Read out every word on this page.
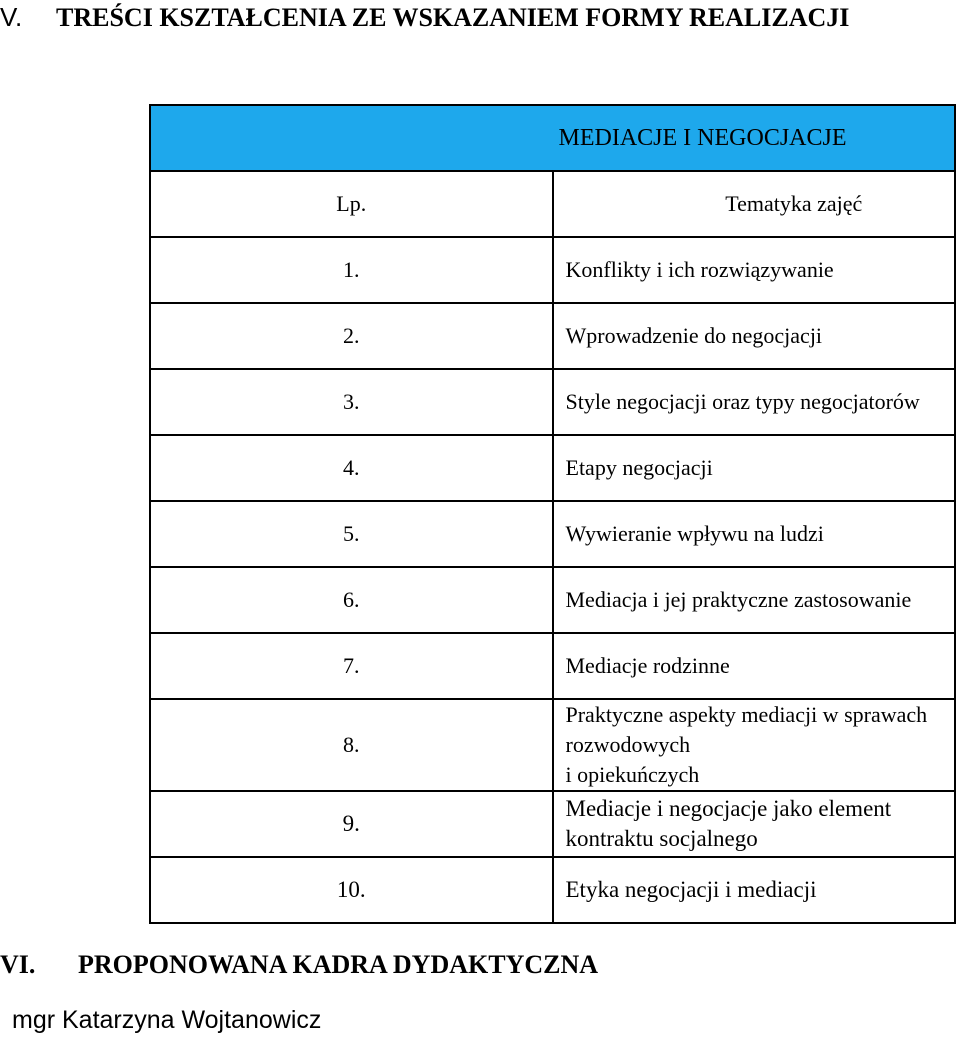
V. TREŚCI KSZTAŁCENIA ZE WSKAZANIEM FORMY REALIZACJI
MEDIACJE I NEGOCJACJE	
Lp.	Tematyka zajęć
1.	Konflikty i ich rozwiązywanie
2.	Wprowadzenie do negocjacji
3.	Style negocjacji oraz typy negocjatorów
4.	Etapy negocjacji
5.	Wywieranie wpływu na ludzi
6.	Mediacja i jej praktyczne zastosowanie
7.	Mediacje rodzinne
8.	Praktyczne aspekty mediacji w sprawach rozwodowych
i opiekuńczych

9.	Mediacje i negocjacje jako element kontraktu socjalnego
10.	Etyka negocjacji i mediacji
VI. PROPONOWANA KADRA DYDAKTYCZNA
mgr Katarzyna Wojtanowicz
